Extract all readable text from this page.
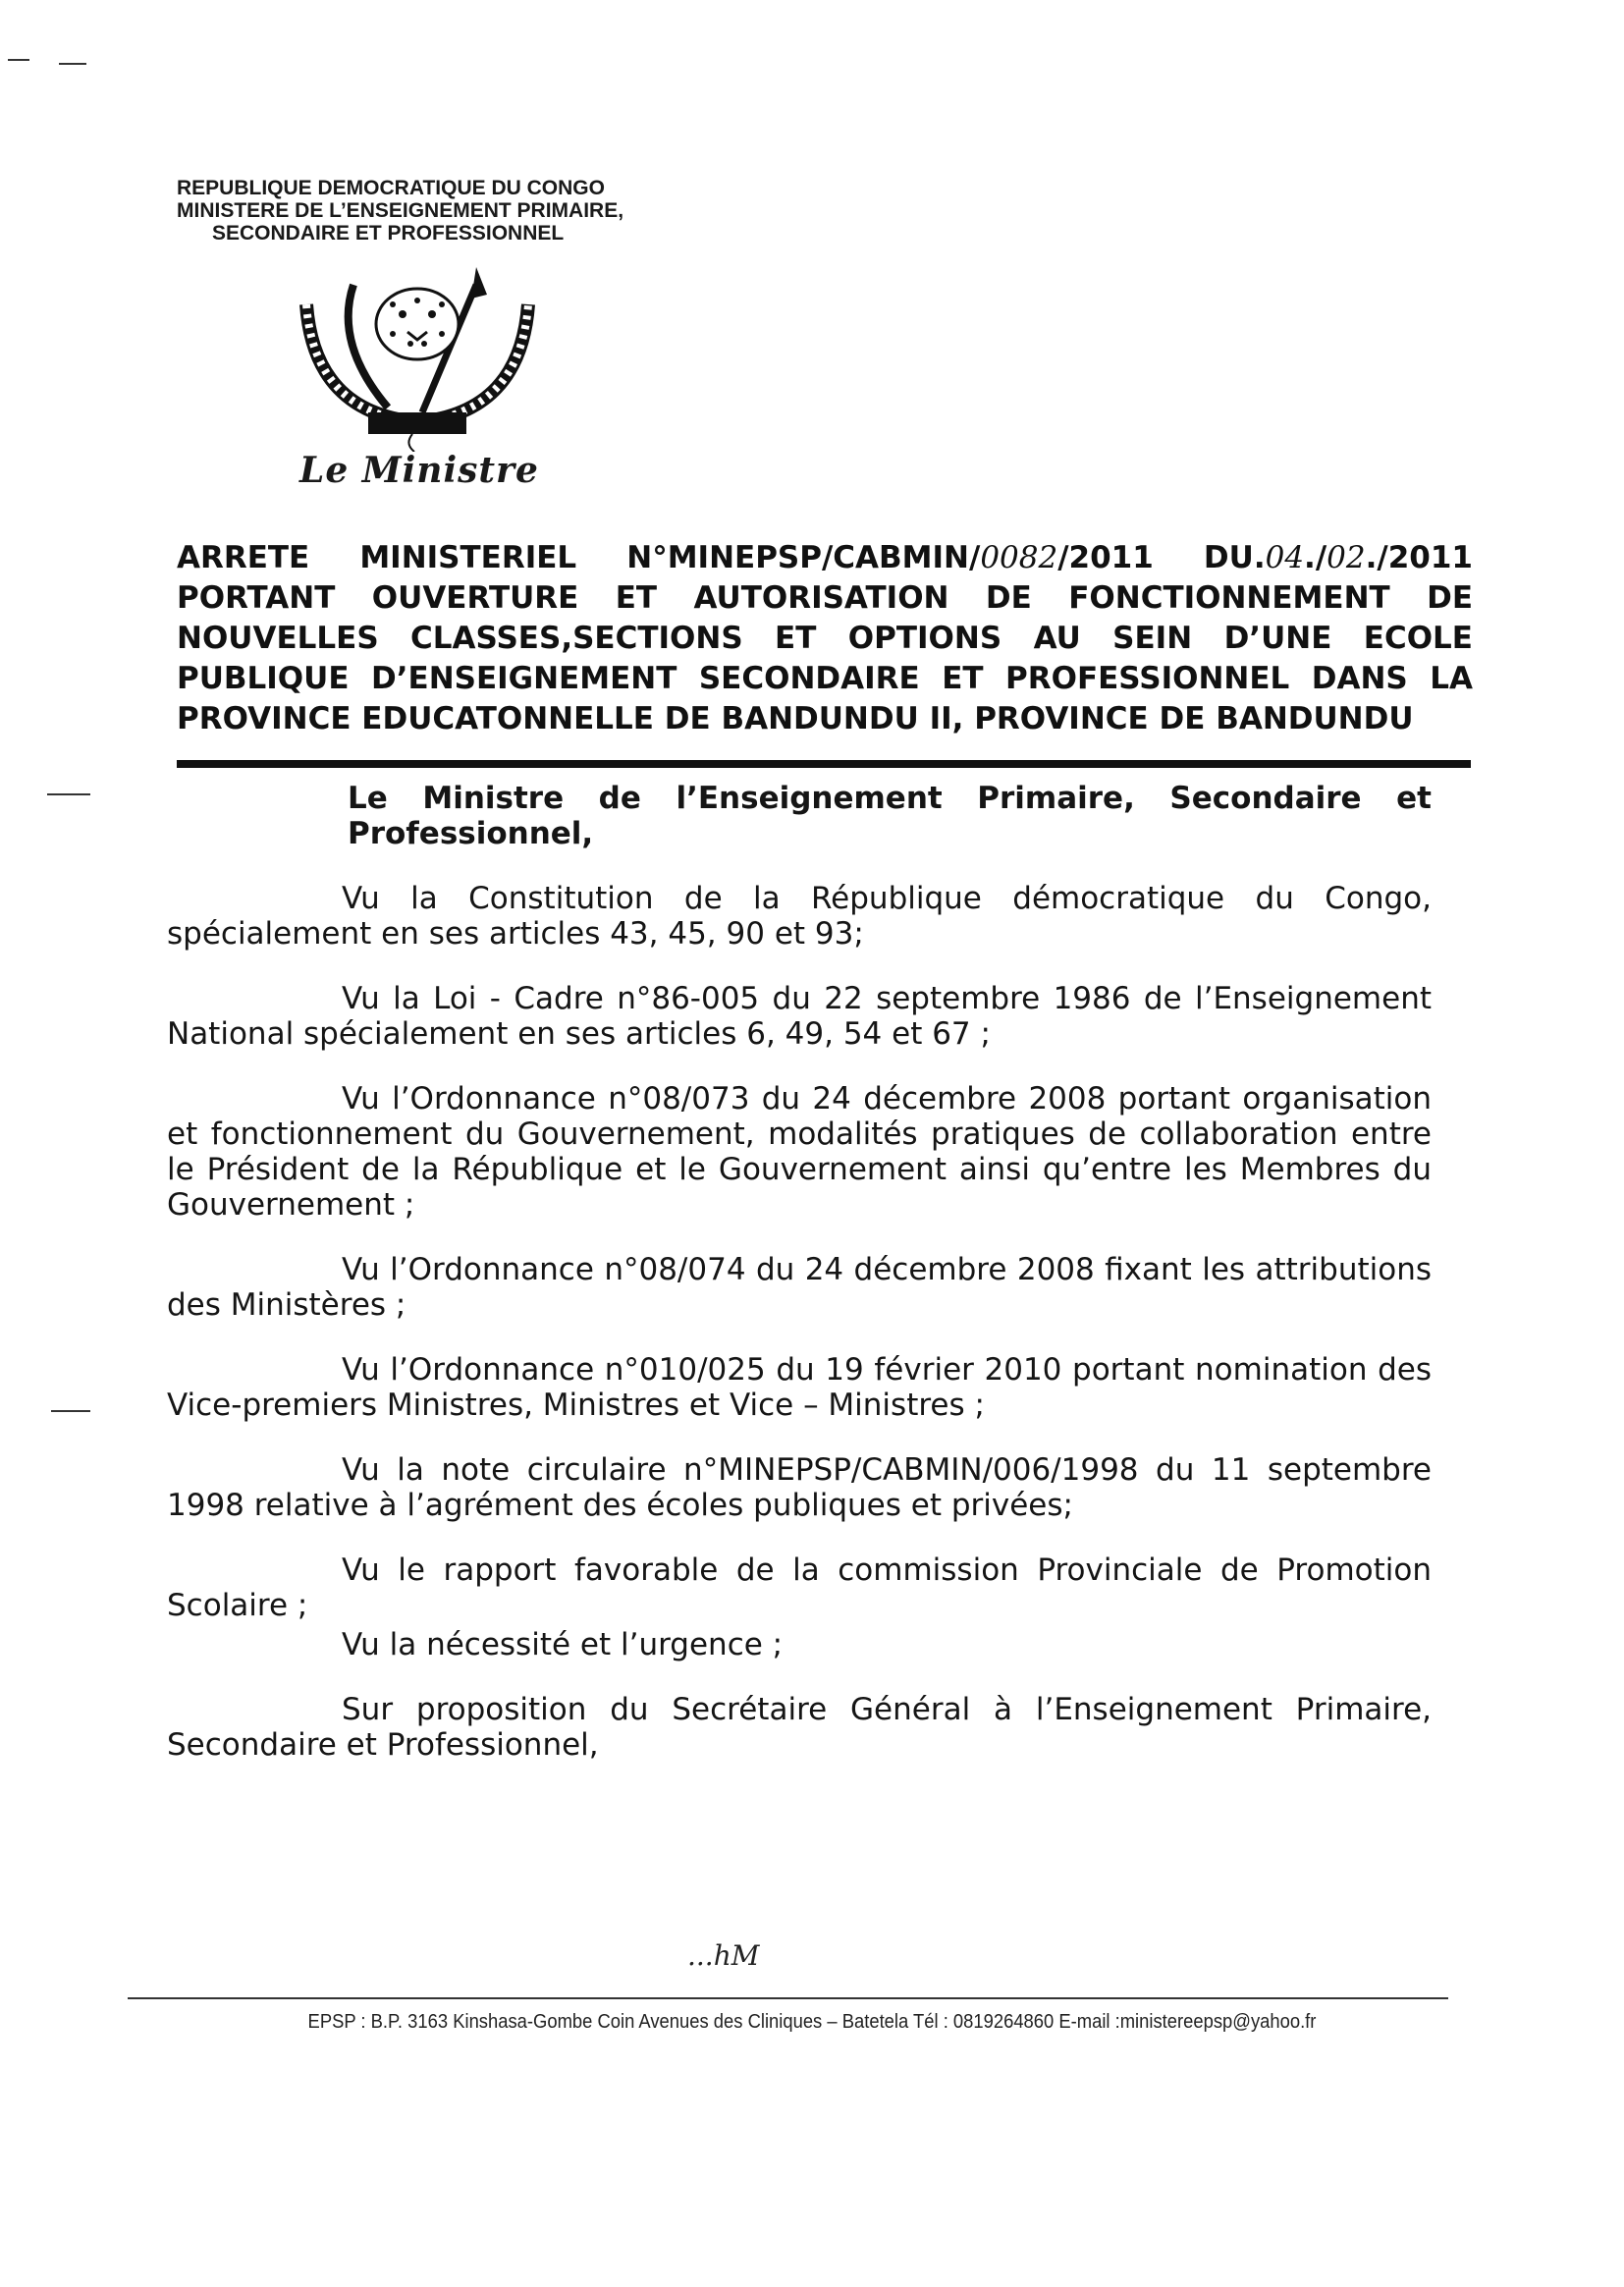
REPUBLIQUE DEMOCRATIQUE DU CONGO
MINISTERE DE L’ENSEIGNEMENT PRIMAIRE,
SECONDAIRE ET PROFESSIONNEL
Le Ministre
ARRETE MINISTERIEL N°MINEPSP/CABMIN/0082/2011 DU.04./02./2011
PORTANT OUVERTURE ET AUTORISATION DE FONCTIONNEMENT DE
NOUVELLES CLASSES,SECTIONS ET OPTIONS AU SEIN D’UNE ECOLE
PUBLIQUE D’ENSEIGNEMENT SECONDAIRE ET PROFESSIONNEL DANS LA
PROVINCE EDUCATONNELLE DE BANDUNDU II, PROVINCE DE BANDUNDU
Le Ministre de l’Enseignement Primaire, Secondaire et Professionnel,
Vu la Constitution de la République démocratique du Congo, spécialement en ses articles 43, 45, 90 et 93;
Vu la Loi - Cadre n°86-005 du 22 septembre 1986 de l’Enseignement National spécialement en ses articles 6, 49, 54 et 67 ;
Vu l’Ordonnance n°08/073 du 24 décembre 2008 portant organisation et fonctionnement du Gouvernement, modalités pratiques de collaboration entre le Président de la République et le Gouvernement ainsi qu’entre les Membres du Gouvernement ;
Vu l’Ordonnance n°08/074 du 24 décembre 2008 fixant les attributions des Ministères ;
Vu l’Ordonnance n°010/025 du 19 février 2010 portant nomination des Vice-premiers Ministres, Ministres et Vice – Ministres ;
Vu la note circulaire n°MINEPSP/CABMIN/006/1998 du 11 septembre 1998 relative à l’agrément des écoles publiques et privées;
Vu le rapport favorable de la commission Provinciale de Promotion Scolaire ;
Vu la nécessité et l’urgence ;
Sur proposition du Secrétaire Général à l’Enseignement Primaire, Secondaire et Professionnel,
...hM
EPSP : B.P. 3163 Kinshasa-Gombe Coin Avenues des Cliniques – Batetela Tél : 0819264860 E-mail :ministereepsp@yahoo.fr
